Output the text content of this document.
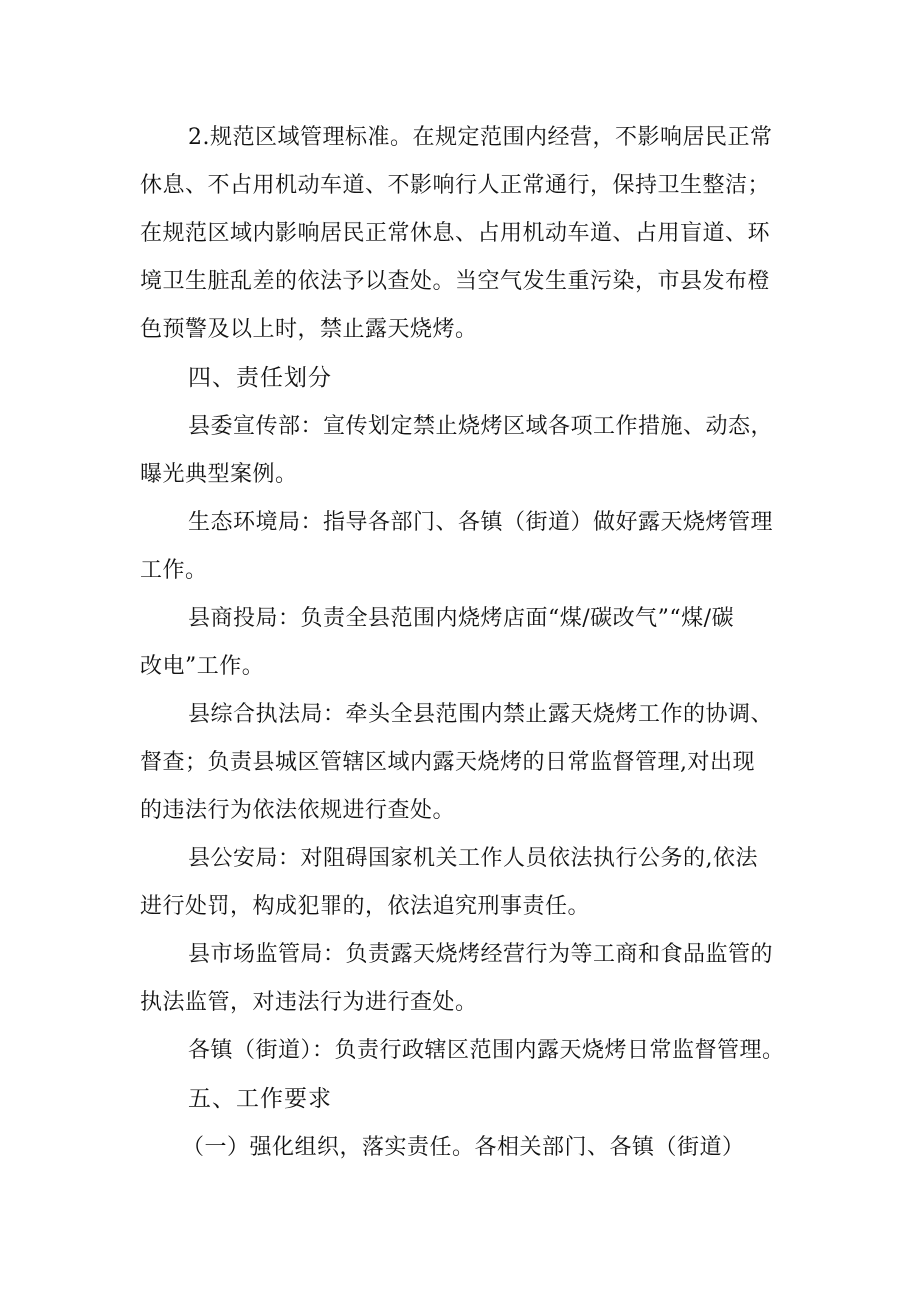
2.规范区域管理标准。在规定范围内经营，不影响居民正常
休息、不占用机动车道、不影响行人正常通行，保持卫生整洁；
在规范区域内影响居民正常休息、占用机动车道、占用盲道、环
境卫生脏乱差的依法予以查处。当空气发生重污染，市县发布橙
色预警及以上时，禁止露天烧烤。
四、责任划分
县委宣传部：宣传划定禁止烧烤区域各项工作措施、动态，
曝光典型案例。
生态环境局：指导各部门、各镇（街道）做好露天烧烤管理
工作。
县商投局：负责全县范围内烧烤店面“煤/碳改气”“煤/碳
改电”工作。
县综合执法局：牵头全县范围内禁止露天烧烤工作的协调、
督查；负责县城区管辖区域内露天烧烤的日常监督管理,对出现
的违法行为依法依规进行查处。
县公安局：对阻碍国家机关工作人员依法执行公务的,依法
进行处罚，构成犯罪的，依法追究刑事责任。
县市场监管局：负责露天烧烤经营行为等工商和食品监管的
执法监管，对违法行为进行查处。
各镇（街道）：负责行政辖区范围内露天烧烤日常监督管理。
五、工作要求
（一）强化组织，落实责任。各相关部门、各镇（街道）
